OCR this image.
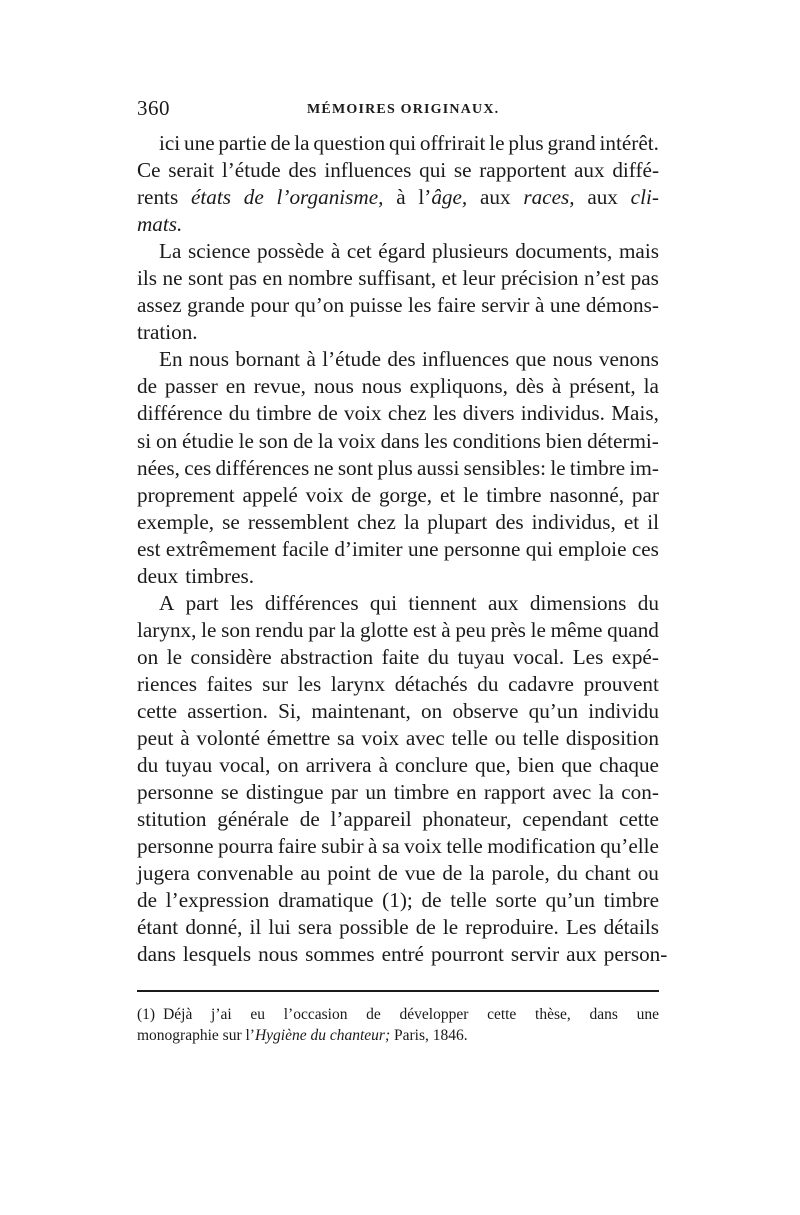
360	MÉMOIRES ORIGINAUX.
ici une partie de la question qui offrirait le plus grand intérêt.
Ce serait l’étude des influences qui se rapportent aux diffé-
rents états de l’organisme, à l’âge, aux races, aux cli-
mats.
La science possède à cet égard plusieurs documents, mais
ils ne sont pas en nombre suffisant, et leur précision n’est pas
assez grande pour qu’on puisse les faire servir à une démons-
tration.
En nous bornant à l’étude des influences que nous venons
de passer en revue, nous nous expliquons, dès à présent, la
différence du timbre de voix chez les divers individus. Mais,
si on étudie le son de la voix dans les conditions bien détermi-
nées, ces différences ne sont plus aussi sensibles: le timbre im-
proprement appelé voix de gorge, et le timbre nasonné, par
exemple, se ressemblent chez la plupart des individus, et il
est extrêmement facile d’imiter une personne qui emploie ces
deux timbres.
A part les différences qui tiennent aux dimensions du
larynx, le son rendu par la glotte est à peu près le même quand
on le considère abstraction faite du tuyau vocal. Les expé-
riences faites sur les larynx détachés du cadavre prouvent
cette assertion. Si, maintenant, on observe qu’un individu
peut à volonté émettre sa voix avec telle ou telle disposition
du tuyau vocal, on arrivera à conclure que, bien que chaque
personne se distingue par un timbre en rapport avec la con-
stitution générale de l’appareil phonateur, cependant cette
personne pourra faire subir à sa voix telle modification qu’elle
jugera convenable au point de vue de la parole, du chant ou
de l’expression dramatique (1); de telle sorte qu’un timbre
étant donné, il lui sera possible de le reproduire. Les détails
dans lesquels nous sommes entré pourront servir aux person-
(1) Déjà j’ai eu l’occasion de développer cette thèse, dans une
monographie sur l’Hygiène du chanteur; Paris, 1846.
